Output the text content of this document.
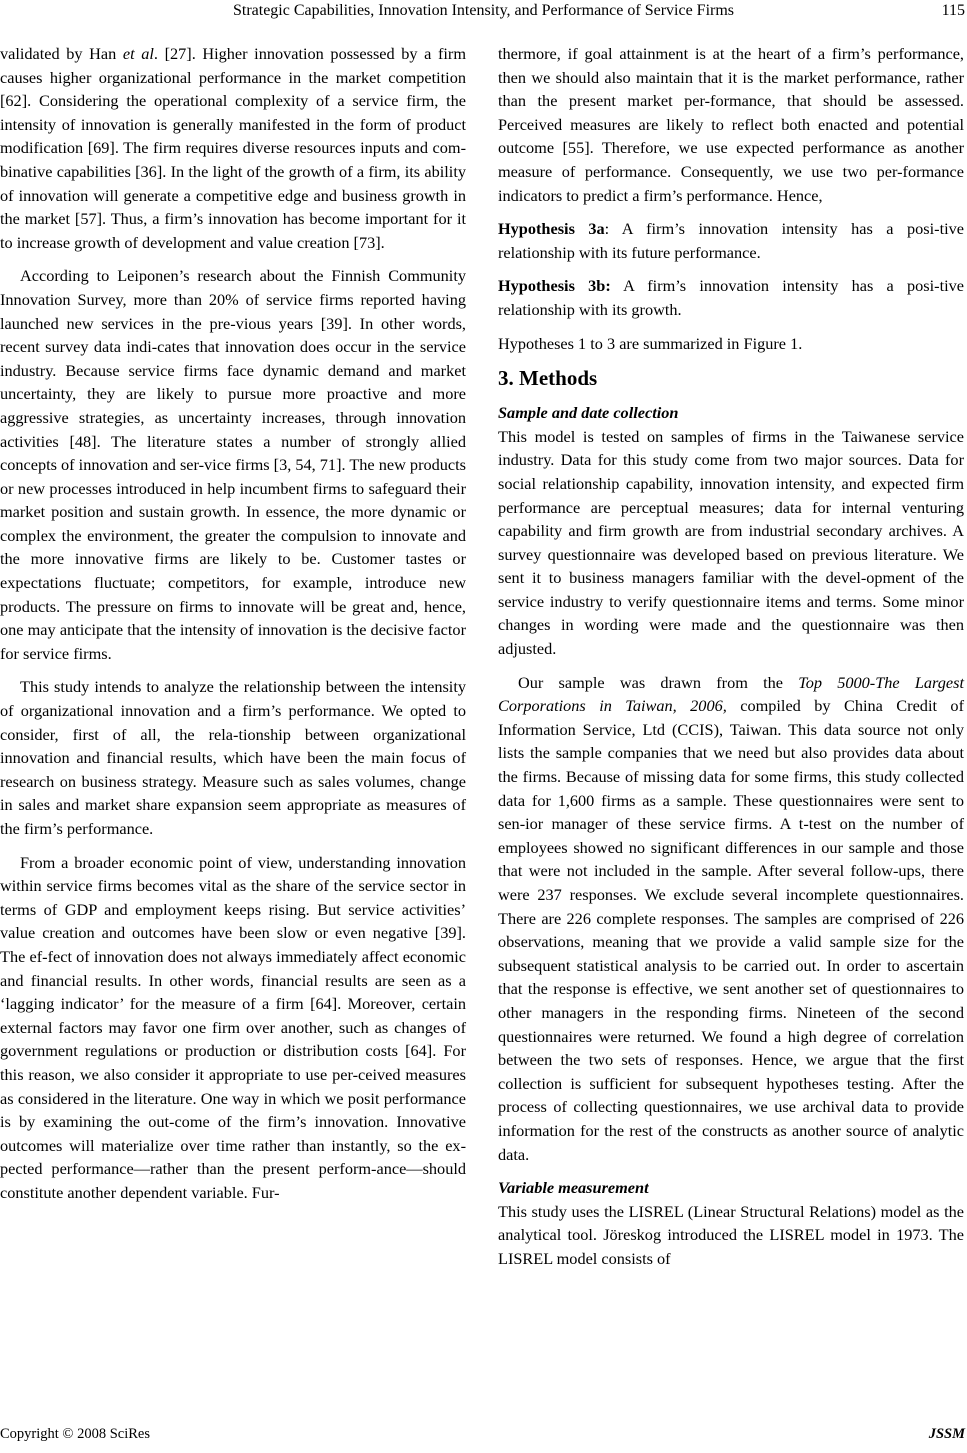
Strategic Capabilities, Innovation Intensity, and Performance of Service Firms	115

validated by Han et al. [27]. Higher innovation possessed by a firm causes higher organizational performance in the market competition [62]. Considering the operational complexity of a service firm, the intensity of innovation is generally manifested in the form of product modification [69]. The firm requires diverse resources inputs and com-binative capabilities [36]. In the light of the growth of a firm, its ability of innovation will generate a competitive edge and business growth in the market [57]. Thus, a firm’s innovation has become important for it to increase growth of development and value creation [73].

According to Leiponen’s research about the Finnish Community Innovation Survey, more than 20% of service firms reported having launched new services in the pre-vious years [39]. In other words, recent survey data indi-cates that innovation does occur in the service industry. Because service firms face dynamic demand and market uncertainty, they are likely to pursue more proactive and more aggressive strategies, as uncertainty increases, through innovation activities [48]. The literature states a number of strongly allied concepts of innovation and ser-vice firms [3, 54, 71]. The new products or new processes introduced in help incumbent firms to safeguard their market position and sustain growth. In essence, the more dynamic or complex the environment, the greater the compulsion to innovate and the more innovative firms are likely to be. Customer tastes or expectations fluctuate; competitors, for example, introduce new products. The pressure on firms to innovate will be great and, hence, one may anticipate that the intensity of innovation is the decisive factor for service firms.

This study intends to analyze the relationship between the intensity of organizational innovation and a firm’s performance. We opted to consider, first of all, the rela-tionship between organizational innovation and financial results, which have been the main focus of research on business strategy. Measure such as sales volumes, change in sales and market share expansion seem appropriate as measures of the firm’s performance.

From a broader economic point of view, understanding innovation within service firms becomes vital as the share of the service sector in terms of GDP and employment keeps rising. But service activities’ value creation and outcomes have been slow or even negative [39]. The ef-fect of innovation does not always immediately affect economic and financial results. In other words, financial results are seen as a ‘lagging indicator’ for the measure of a firm [64]. Moreover, certain external factors may favor one firm over another, such as changes of government regulations or production or distribution costs [64]. For this reason, we also consider it appropriate to use per-ceived measures as considered in the literature. One way in which we posit performance is by examining the out-come of the firm’s innovation. Innovative outcomes will materialize over time rather than instantly, so the ex-pected performance—rather than the present perform-ance—should constitute another dependent variable. Fur-

thermore, if goal attainment is at the heart of a firm’s performance, then we should also maintain that it is the market performance, rather than the present market per-formance, that should be assessed. Perceived measures are likely to reflect both enacted and potential outcome [55]. Therefore, we use expected performance as another measure of performance. Consequently, we use two per-formance indicators to predict a firm’s performance. Hence,

Hypothesis 3a: A firm’s innovation intensity has a posi-tive relationship with its future performance.

Hypothesis 3b: A firm’s innovation intensity has a posi-tive relationship with its growth.

Hypotheses 1 to 3 are summarized in Figure 1.

3. Methods
Sample and date collection

This model is tested on samples of firms in the Taiwanese service industry. Data for this study come from two major sources. Data for social relationship capability, innovation intensity, and expected firm performance are perceptual measures; data for internal venturing capability and firm growth are from industrial secondary archives. A survey questionnaire was developed based on previous literature. We sent it to business managers familiar with the devel-opment of the service industry to verify questionnaire items and terms. Some minor changes in wording were made and the questionnaire was then adjusted.

Our sample was drawn from the Top 5000-The Largest Corporations in Taiwan, 2006, compiled by China Credit of Information Service, Ltd (CCIS), Taiwan. This data source not only lists the sample companies that we need but also provides data about the firms. Because of missing data for some firms, this study collected data for 1,600 firms as a sample. These questionnaires were sent to sen-ior manager of these service firms. A t-test on the number of employees showed no significant differences in our sample and those that were not included in the sample. After several follow-ups, there were 237 responses. We exclude several incomplete questionnaires. There are 226 complete responses. The samples are comprised of 226 observations, meaning that we provide a valid sample size for the subsequent statistical analysis to be carried out. In order to ascertain that the response is effective, we sent another set of questionnaires to other managers in the responding firms. Nineteen of the second questionnaires were returned. We found a high degree of correlation between the two sets of responses. Hence, we argue that the first collection is sufficient for subsequent hypotheses testing. After the process of collecting questionnaires, we use archival data to provide information for the rest of the constructs as another source of analytic data.

Variable measurement

This study uses the LISREL (Linear Structural Relations) model as the analytical tool. Jöreskog introduced the LISREL model in 1973. The LISREL model consists of

Copyright © 2008 SciRes	JSSM
